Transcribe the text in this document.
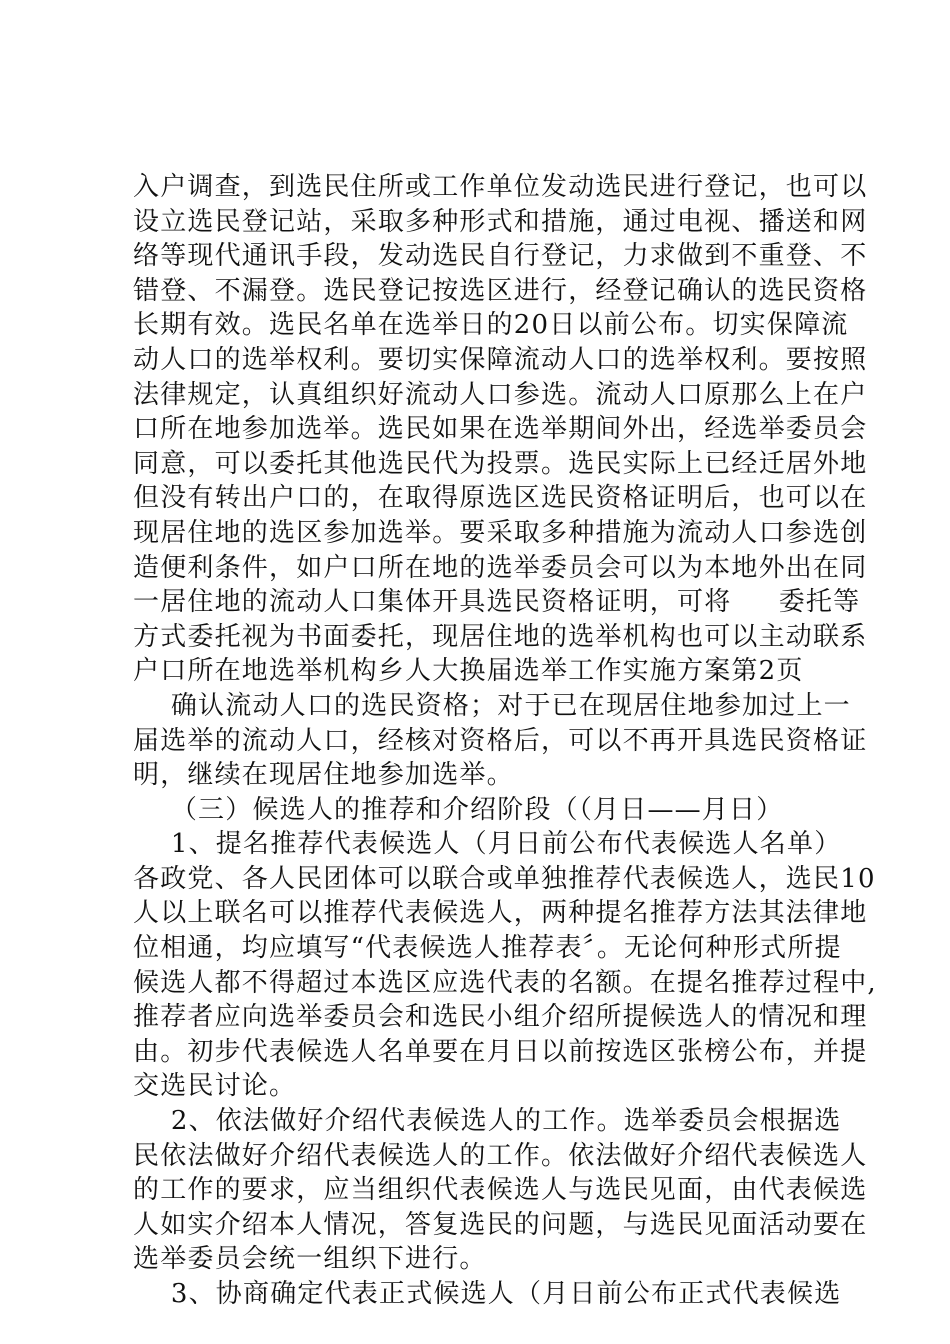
入户调查，到选民住所或工作单位发动选民进行登记，也可以
设立选民登记站，采取多种形式和措施，通过电视、播送和网
络等现代通讯手段，发动选民自行登记，力求做到不重登、不
错登、不漏登。选民登记按选区进行，经登记确认的选民资格
长期有效。选民名单在选举日的20日以前公布。切实保障流
动人口的选举权利。要切实保障流动人口的选举权利。要按照
法律规定，认真组织好流动人口参选。流动人口原那么上在户
口所在地参加选举。选民如果在选举期间外出，经选举委员会
同意，可以委托其他选民代为投票。选民实际上已经迁居外地
但没有转出户口的，在取得原选区选民资格证明后，也可以在
现居住地的选区参加选举。要采取多种措施为流动人口参选创
造便利条件，如户口所在地的选举委员会可以为本地外出在同
一居住地的流动人口集体开具选民资格证明，可将     委托等
方式委托视为书面委托，现居住地的选举机构也可以主动联系
户口所在地选举机构乡人大换届选举工作实施方案第2页
确认流动人口的选民资格；对于已在现居住地参加过上一
届选举的流动人口，经核对资格后，可以不再开具选民资格证
明，继续在现居住地参加选举。
（三）候选人的推荐和介绍阶段（（月日——月日）
1、提名推荐代表候选人（月日前公布代表候选人名单）
各政党、各人民团体可以联合或单独推荐代表候选人，选民10
人以上联名可以推荐代表候选人，两种提名推荐方法其法律地
位相通，均应填写“代表候选人推荐表〞。无论何种形式所提
候选人都不得超过本选区应选代表的名额。在提名推荐过程中,
推荐者应向选举委员会和选民小组介绍所提候选人的情况和理
由。初步代表候选人名单要在月日以前按选区张榜公布，并提
交选民讨论。
2、依法做好介绍代表候选人的工作。选举委员会根据选
民依法做好介绍代表候选人的工作。依法做好介绍代表候选人
的工作的要求，应当组织代表候选人与选民见面，由代表候选
人如实介绍本人情况，答复选民的问题，与选民见面活动要在
选举委员会统一组织下进行。
3、协商确定代表正式候选人（月日前公布正式代表候选
